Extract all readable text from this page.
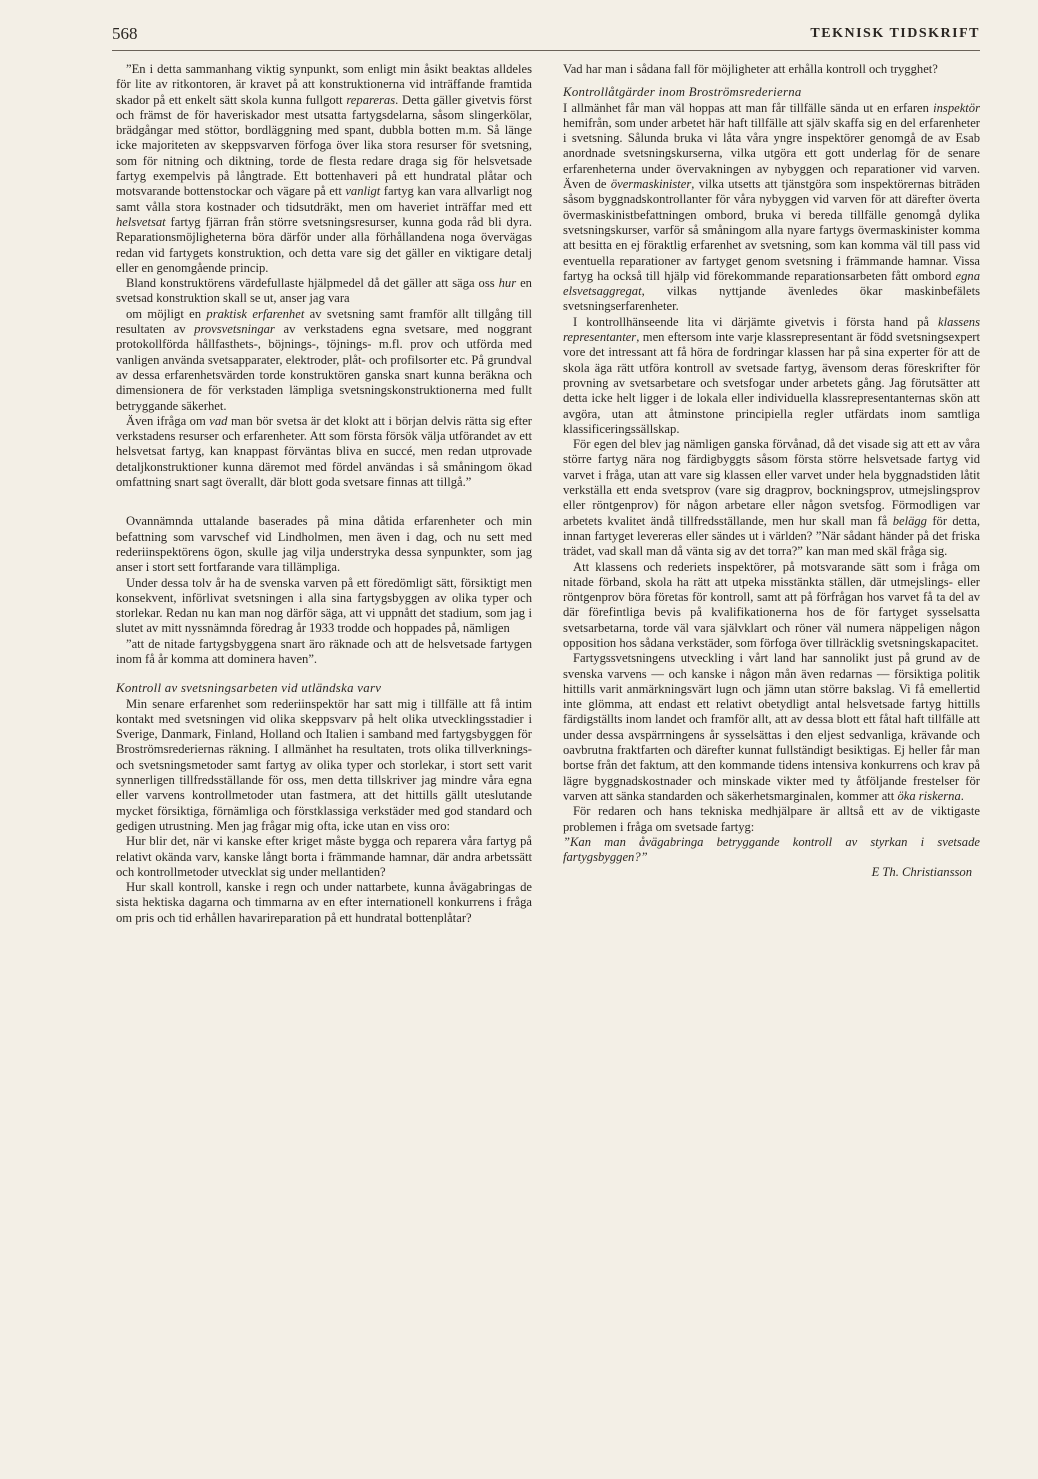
568	TEKNISK TIDSKRIFT

”En i detta sammanhang viktig synpunkt, som enligt min åsikt beaktas alldeles för lite av ritkontoren, är kravet på att konstruktionerna vid inträffande framtida skador på ett enkelt sätt skola kunna fullgott repareras. Detta gäller givetvis först och främst de för haveriskador mest utsatta fartygsdelarna, såsom slingerkölar, brädgångar med stöttor, bordläggning med spant, dubbla botten m.m. Så länge icke majoriteten av skeppsvarven förfoga över lika stora resurser för svetsning, som för nitning och diktning, torde de flesta redare draga sig för helsvetsade fartyg exempelvis på långtrade. Ett bottenhaveri på ett hundratal plåtar och motsvarande bottenstockar och vägare på ett vanligt fartyg kan vara allvarligt nog samt vålla stora kostnader och tidsutdräkt, men om haveriet inträffar med ett helsvetsat fartyg fjärran från större svetsningsresurser, kunna goda råd bli dyra. Reparationsmöjligheterna böra därför under alla förhållandena noga övervägas redan vid fartygets konstruktion, och detta vare sig det gäller en viktigare detalj eller en genomgående princip.

Bland konstruktörens värdefullaste hjälpmedel då det gäller att säga oss hur en svetsad konstruktion skall se ut, anser jag vara

om möjligt en praktisk erfarenhet av svetsning samt framför allt tillgång till resultaten av provsvetsningar av verkstadens egna svetsare, med noggrant protokollförda hållfasthets-, böjnings-, töjnings- m.fl. prov och utförda med vanligen använda svetsapparater, elektroder, plåt- och profilsorter etc. På grundval av dessa erfarenhetsvärden torde konstruktören ganska snart kunna beräkna och dimensionera de för verkstaden lämpliga svetsningskonstruktionerna med fullt betryggande säkerhet.

Även ifråga om vad man bör svetsa är det klokt att i början delvis rätta sig efter verkstadens resurser och erfarenheter. Att som första försök välja utförandet av ett helsvetsat fartyg, kan knappast förväntas bliva en succé, men redan utprovade detaljkonstruktioner kunna däremot med fördel användas i så småningom ökad omfattning snart sagt överallt, där blott goda svetsare finnas att tillgå.”

Ovannämnda uttalande baserades på mina dåtida erfarenheter och min befattning som varvschef vid Lindholmen, men även i dag, och nu sett med rederiinspektörens ögon, skulle jag vilja understryka dessa synpunkter, som jag anser i stort sett fortfarande vara tillämpliga.

Under dessa tolv år ha de svenska varven på ett föredömligt sätt, försiktigt men konsekvent, införlivat svetsningen i alla sina fartygsbyggen av olika typer och storlekar. Redan nu kan man nog därför säga, att vi uppnått det stadium, som jag i slutet av mitt nyssnämnda föredrag år 1933 trodde och hoppades på, nämligen

”att de nitade fartygsbyggena snart äro räknade och att de helsvetsade fartygen inom få år komma att dominera haven”.

Kontroll av svetsningsarbeten vid utländska varv

Min senare erfarenhet som rederiinspektör har satt mig i tillfälle att få intim kontakt med svetsningen vid olika skeppsvarv på helt olika utvecklingsstadier i Sverige, Danmark, Finland, Holland och Italien i samband med fartygsbyggen för Broströmsrederiernas räkning. I allmänhet ha resultaten, trots olika tillverknings- och svetsningsmetoder samt fartyg av olika typer och storlekar, i stort sett varit synnerligen tillfredsställande för oss, men detta tillskriver jag mindre våra egna eller varvens kontrollmetoder utan fastmera, att det hittills gällt uteslutande mycket försiktiga, förnämliga och förstklassiga verkstäder med god standard och gedigen utrustning. Men jag frågar mig ofta, icke utan en viss oro:

Hur blir det, när vi kanske efter kriget måste bygga och reparera våra fartyg på relativt okända varv, kanske långt borta i främmande hamnar, där andra arbetssätt och kontrollmetoder utvecklat sig under mellantiden?

Hur skall kontroll, kanske i regn och under nattarbete, kunna åvägabringas de sista hektiska dagarna och timmarna av en efter internationell konkurrens i fråga om pris och tid erhållen havarireparation på ett hundratal bottenplåtar?

Vad har man i sådana fall för möjligheter att erhålla kontroll och trygghet?

Kontrollåtgärder inom Broströmsrederierna

I allmänhet får man väl hoppas att man får tillfälle sända ut en erfaren inspektör hemifrån, som under arbetet här haft tillfälle att själv skaffa sig en del erfarenheter i svetsning. Sålunda bruka vi låta våra yngre inspektörer genomgå de av Esab anordnade svetsningskurserna, vilka utgöra ett gott underlag för de senare erfarenheterna under övervakningen av nybyggen och reparationer vid varven. Även de övermaskinister, vilka utsetts att tjänstgöra som inspektörernas biträden såsom byggnadskontrollanter för våra nybyggen vid varven för att därefter överta övermaskinistbefattningen ombord, bruka vi bereda tillfälle genomgå dylika svetsningskurser, varför så småningom alla nyare fartygs övermaskinister komma att besitta en ej föraktlig erfarenhet av svetsning, som kan komma väl till pass vid eventuella reparationer av fartyget genom svetsning i främmande hamnar. Vissa fartyg ha också till hjälp vid förekommande reparationsarbeten fått ombord egna elsvetsaggregat, vilkas nyttjande ävenledes ökar maskinbefälets svetsningserfarenheter.

I kontrollhänseende lita vi därjämte givetvis i första hand på klassens representanter, men eftersom inte varje klassrepresentant är född svetsningsexpert vore det intressant att få höra de fordringar klassen har på sina experter för att de skola äga rätt utföra kontroll av svetsade fartyg, ävensom deras föreskrifter för provning av svetsarbetare och svetsfogar under arbetets gång. Jag förutsätter att detta icke helt ligger i de lokala eller individuella klassrepresentanternas skön att avgöra, utan att åtminstone principiella regler utfärdats inom samtliga klassificeringssällskap.

För egen del blev jag nämligen ganska förvånad, då det visade sig att ett av våra större fartyg nära nog färdigbyggts såsom första större helsvetsade fartyg vid varvet i fråga, utan att vare sig klassen eller varvet under hela byggnadstiden låtit verkställa ett enda svetsprov (vare sig dragprov, bockningsprov, utmejslingsprov eller röntgenprov) för någon arbetare eller någon svetsfog. Förmodligen var arbetets kvalitet ändå tillfredsställande, men hur skall man få belägg för detta, innan fartyget levereras eller sändes ut i världen? ”När sådant händer på det friska trädet, vad skall man då vänta sig av det torra?” kan man med skäl fråga sig.

Att klassens och rederiets inspektörer, på motsvarande sätt som i fråga om nitade förband, skola ha rätt att utpeka misstänkta ställen, där utmejslings- eller röntgenprov böra företas för kontroll, samt att på förfrågan hos varvet få ta del av där förefintliga bevis på kvalifikationerna hos de för fartyget sysselsatta svetsarbetarna, torde väl vara självklart och röner väl numera näppeligen någon opposition hos sådana verkstäder, som förfoga över tillräcklig svetsningskapacitet.

Fartygssvetsningens utveckling i vårt land har sannolikt just på grund av de svenska varvens — och kanske i någon mån även redarnas — försiktiga politik hittills varit anmärkningsvärt lugn och jämn utan större bakslag. Vi få emellertid inte glömma, att endast ett relativt obetydligt antal helsvetsade fartyg hittills färdigställts inom landet och framför allt, att av dessa blott ett fåtal haft tillfälle att under dessa avspärrningens år sysselsättas i den eljest sedvanliga, krävande och oavbrutna fraktfarten och därefter kunnat fullständigt besiktigas. Ej heller får man bortse från det faktum, att den kommande tidens intensiva konkurrens och krav på lägre byggnadskostnader och minskade vikter med ty åtföljande frestelser för varven att sänka standarden och säkerhetsmarginalen, kommer att öka riskerna.

För redaren och hans tekniska medhjälpare är alltså ett av de viktigaste problemen i fråga om svetsade fartyg:

”Kan man åvägabringa betryggande kontroll av styrkan i svetsade fartygsbyggen?”

E Th. Christiansson
